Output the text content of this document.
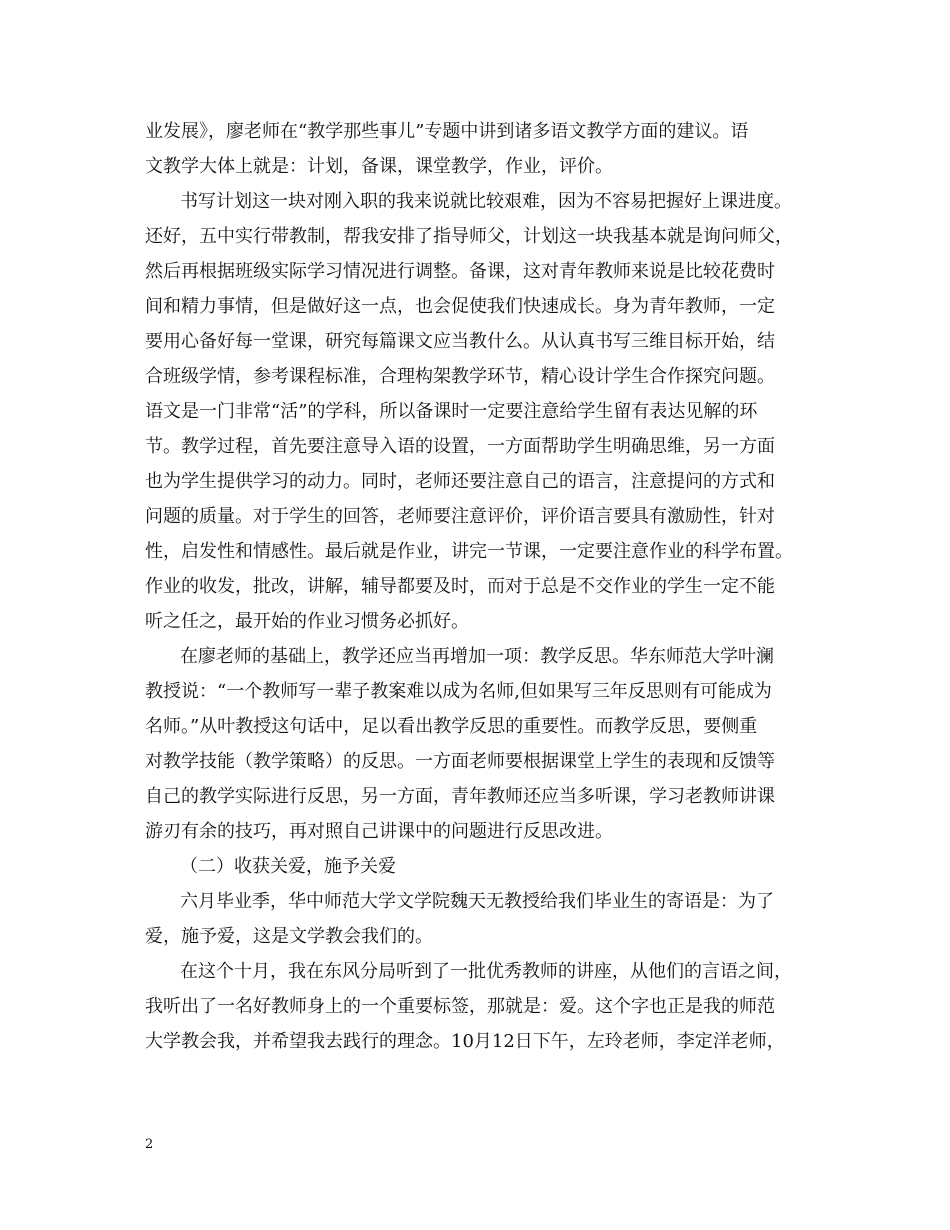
业发展》，廖老师在“教学那些事儿”专题中讲到诸多语文教学方面的建议。语
文教学大体上就是：计划，备课，课堂教学，作业，评价。
书写计划这一块对刚入职的我来说就比较艰难，因为不容易把握好上课进度。
还好，五中实行带教制，帮我安排了指导师父，计划这一块我基本就是询问师父，
然后再根据班级实际学习情况进行调整。备课，这对青年教师来说是比较花费时
间和精力事情，但是做好这一点，也会促使我们快速成长。身为青年教师，一定
要用心备好每一堂课，研究每篇课文应当教什么。从认真书写三维目标开始，结
合班级学情，参考课程标准，合理构架教学环节，精心设计学生合作探究问题。
语文是一门非常“活”的学科，所以备课时一定要注意给学生留有表达见解的环
节。教学过程，首先要注意导入语的设置，一方面帮助学生明确思维，另一方面
也为学生提供学习的动力。同时，老师还要注意自己的语言，注意提问的方式和
问题的质量。对于学生的回答，老师要注意评价，评价语言要具有激励性，针对
性，启发性和情感性。最后就是作业，讲完一节课，一定要注意作业的科学布置。
作业的收发，批改，讲解，辅导都要及时，而对于总是不交作业的学生一定不能
听之任之，最开始的作业习惯务必抓好。
在廖老师的基础上，教学还应当再增加一项：教学反思。华东师范大学叶澜
教授说：“一个教师写一辈子教案难以成为名师,但如果写三年反思则有可能成为
名师。”从叶教授这句话中，足以看出教学反思的重要性。而教学反思，要侧重
对教学技能（教学策略）的反思。一方面老师要根据课堂上学生的表现和反馈等
自己的教学实际进行反思，另一方面，青年教师还应当多听课，学习老教师讲课
游刃有余的技巧，再对照自己讲课中的问题进行反思改进。
（二）收获关爱，施予关爱
六月毕业季，华中师范大学文学院魏天无教授给我们毕业生的寄语是：为了
爱，施予爱，这是文学教会我们的。
在这个十月，我在东风分局听到了一批优秀教师的讲座，从他们的言语之间，
我听出了一名好教师身上的一个重要标签，那就是：爱。这个字也正是我的师范
大学教会我，并希望我去践行的理念。10月12日下午，左玲老师，李定洋老师，
2
